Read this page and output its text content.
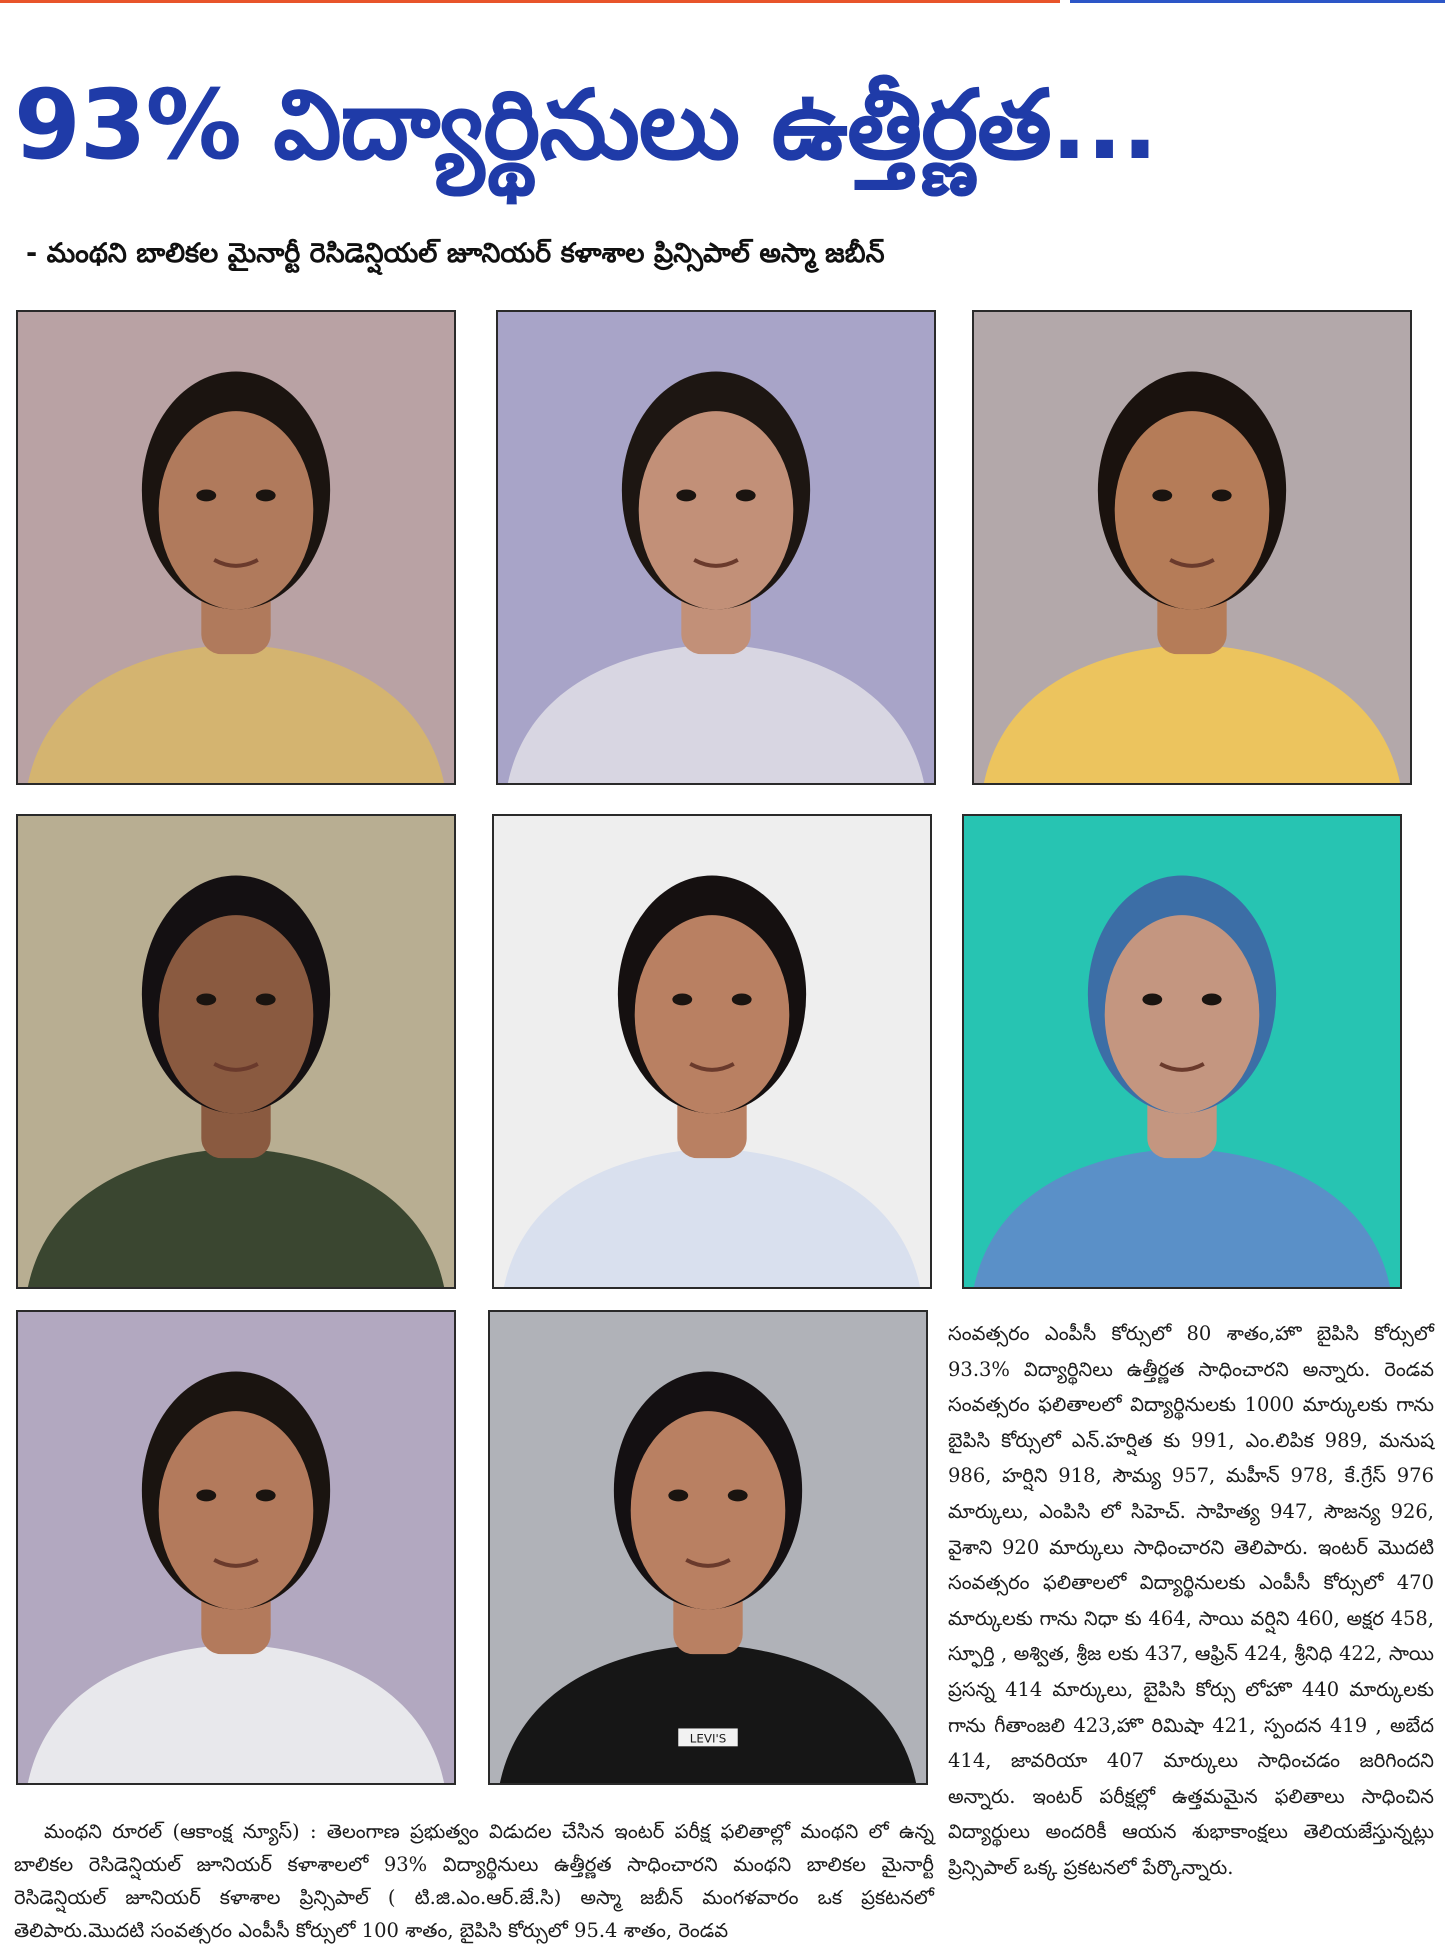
93% విద్యార్థినులు ఉత్తీర్ణత...
- మంథని బాలికల మైనార్టీ రెసిడెన్షియల్ జూనియర్ కళాశాల ప్రిన్సిపాల్ అస్మా జబీన్
LEVI'S

సంవత్సరం ఎంపీసీ కోర్సులో 80 శాతం,హొ బైపిసి కోర్సులో 93.3% విద్యార్థినిలు ఉత్తీర్ణత సాధించారని అన్నారు. రెండవ సంవత్సరం ఫలితాలలో విద్యార్థినులకు 1000 మార్కులకు గాను బైపిసి కోర్సులో ఎన్.హర్షిత కు 991, ఎం.లిపిక 989, మనుష 986, హర్షిని 918, సౌమ్య 957, మహీన్ 978, కే.గ్రేస్ 976 మార్కులు, ఎంపిసి లో సిహెచ్. సాహిత్య 947, సౌజన్య 926, వైశాని 920 మార్కులు సాధించారని తెలిపారు. ఇంటర్ మొదటి సంవత్సరం ఫలితాలలో విద్యార్థినులకు ఎంపీసీ కోర్సులో 470 మార్కులకు గాను నిధా కు 464, సాయి వర్షిని 460, అక్షర 458, స్ఫూర్తి , అశ్విత, శ్రీజ లకు 437, ఆఫ్రిన్ 424, శ్రీనిధి 422, సాయి ప్రసన్న 414 మార్కులు, బైపిసి కోర్సు లోహొ 440 మార్కులకు గాను గీతాంజలి 423,హొ రిమిషా 421, స్పందన 419 , అబేద 414, జావరియా 407 మార్కులు సాధించడం జరిగిందని అన్నారు. ఇంటర్ పరీక్షల్లో ఉత్తమమైన ఫలితాలు సాధించిన విద్యార్థులు అందరికీ ఆయన శుభాకాంక్షలు తెలియజేస్తున్నట్లు ప్రిన్సిపాల్ ఒక్క ప్రకటనలో పేర్కొన్నారు.

మంథని రూరల్ (ఆకాంక్ష న్యూస్) : తెలంగాణ ప్రభుత్వం విడుదల చేసిన ఇంటర్ పరీక్ష ఫలితాల్లో మంథని లో ఉన్న బాలికల రెసిడెన్షియల్ జూనియర్ కళాశాలలో 93% విద్యార్థినులు ఉత్తీర్ణత సాధించారని మంథని బాలికల మైనార్టీ రెసిడెన్షియల్ జూనియర్ కళాశాల ప్రిన్సిపాల్ ( టి.జి.ఎం.ఆర్.జే.సి) అస్మా జబీన్ మంగళవారం ఒక ప్రకటనలో తెలిపారు.మొదటి సంవత్సరం ఎంపీసీ కోర్సులో 100 శాతం, బైపిసి కోర్సులో 95.4 శాతం, రెండవ
